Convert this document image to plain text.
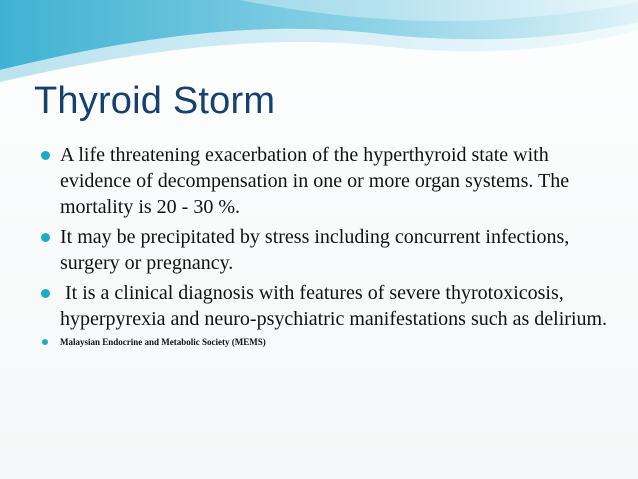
Thyroid Storm
A life threatening exacerbation of the hyperthyroid state with evidence of decompensation in one or more organ systems. The mortality is 20 - 30 %.
It may be precipitated by stress including concurrent infections, surgery or pregnancy.
It is a clinical diagnosis with features of severe thyrotoxicosis, hyperpyrexia and neuro-psychiatric manifestations such as delirium.
Malaysian Endocrine and Metabolic Society (MEMS)
